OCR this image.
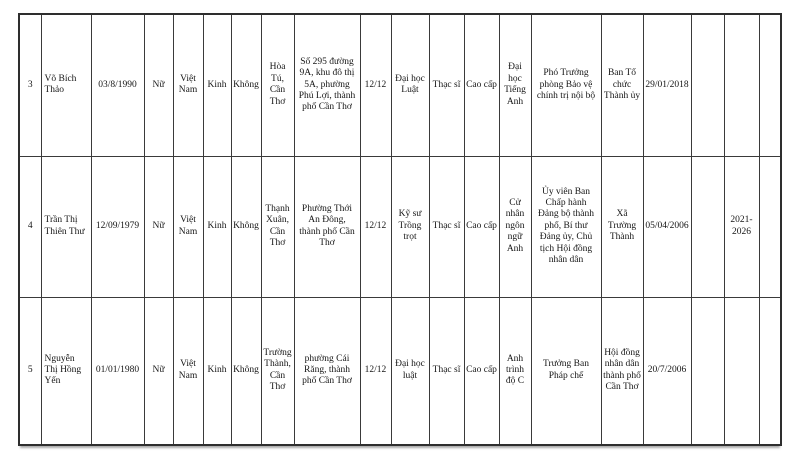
3	Võ Bích Thảo	03/8/1990	Nữ	Việt Nam	Kinh	Không	Hòa Tú, Cần Thơ	Số 295 đường 9A, khu đô thị 5A, phường Phú Lợi, thành phố Cần Thơ	12/12	Đại học Luật	Thạc sĩ	Cao cấp	Đại học Tiếng Anh	Phó Trưởng phòng Bảo vệ chính trị nội bộ	Ban Tổ chức Thành ủy	29/01/2018			
4	Trần Thị Thiên Thư	12/09/1979	Nữ	Việt Nam	Kinh	Không	Thạnh Xuân, Cần Thơ	Phường Thới An Đông, thành phố Cần Thơ	12/12	Kỹ sư Trồng trọt	Thạc sĩ	Cao cấp	Cử nhân ngôn ngữ Anh	Ủy viên Ban Chấp hành Đảng bộ thành phố, Bí thư Đảng ủy, Chủ tịch Hội đồng nhân dân	Xã Trường Thành	05/04/2006		2021-2026	
5	Nguyễn Thị Hồng Yến	01/01/1980	Nữ	Việt Nam	Kinh	Không	Trường Thành, Cần Thơ	phường Cái Răng, thành phố Cần Thơ	12/12	Đại học luật	Thạc sĩ	Cao cấp	Anh trình độ C	Trưởng Ban Pháp chế	Hội đồng nhân dân thành phố Cần Thơ	20/7/2006			
